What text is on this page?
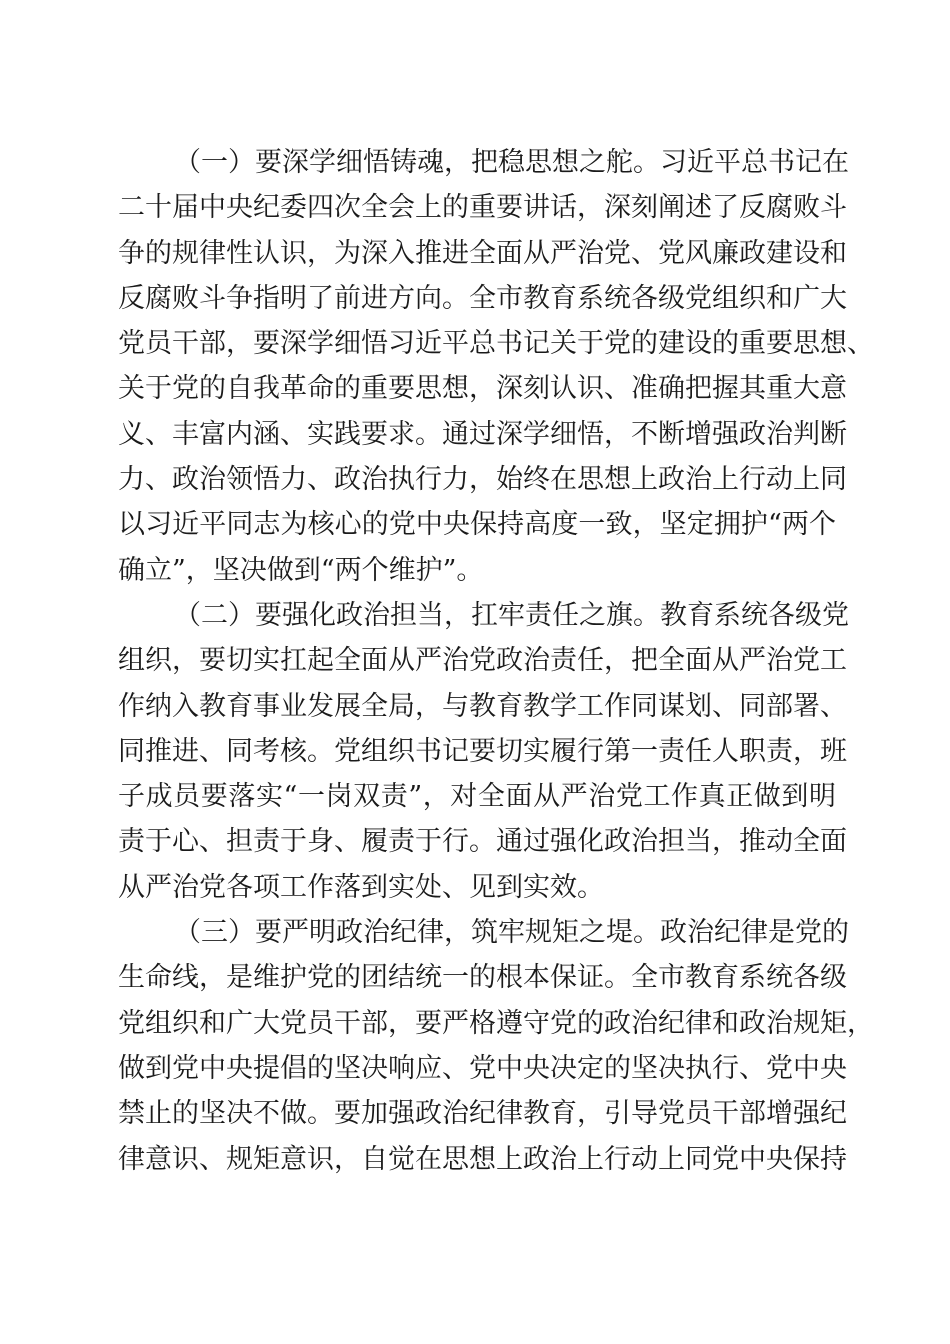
（一）要深学细悟铸魂，把稳思想之舵。习近平总书记在
二十届中央纪委四次全会上的重要讲话，深刻阐述了反腐败斗
争的规律性认识，为深入推进全面从严治党、党风廉政建设和
反腐败斗争指明了前进方向。全市教育系统各级党组织和广大
党员干部，要深学细悟习近平总书记关于党的建设的重要思想、
关于党的自我革命的重要思想，深刻认识、准确把握其重大意
义、丰富内涵、实践要求。通过深学细悟，不断增强政治判断
力、政治领悟力、政治执行力，始终在思想上政治上行动上同
以习近平同志为核心的党中央保持高度一致，坚定拥护“两个
确立”，坚决做到“两个维护”。
（二）要强化政治担当，扛牢责任之旗。教育系统各级党
组织，要切实扛起全面从严治党政治责任，把全面从严治党工
作纳入教育事业发展全局，与教育教学工作同谋划、同部署、
同推进、同考核。党组织书记要切实履行第一责任人职责，班
子成员要落实“一岗双责”，对全面从严治党工作真正做到明
责于心、担责于身、履责于行。通过强化政治担当，推动全面
从严治党各项工作落到实处、见到实效。
（三）要严明政治纪律，筑牢规矩之堤。政治纪律是党的
生命线，是维护党的团结统一的根本保证。全市教育系统各级
党组织和广大党员干部，要严格遵守党的政治纪律和政治规矩，
做到党中央提倡的坚决响应、党中央决定的坚决执行、党中央
禁止的坚决不做。要加强政治纪律教育，引导党员干部增强纪
律意识、规矩意识，自觉在思想上政治上行动上同党中央保持
